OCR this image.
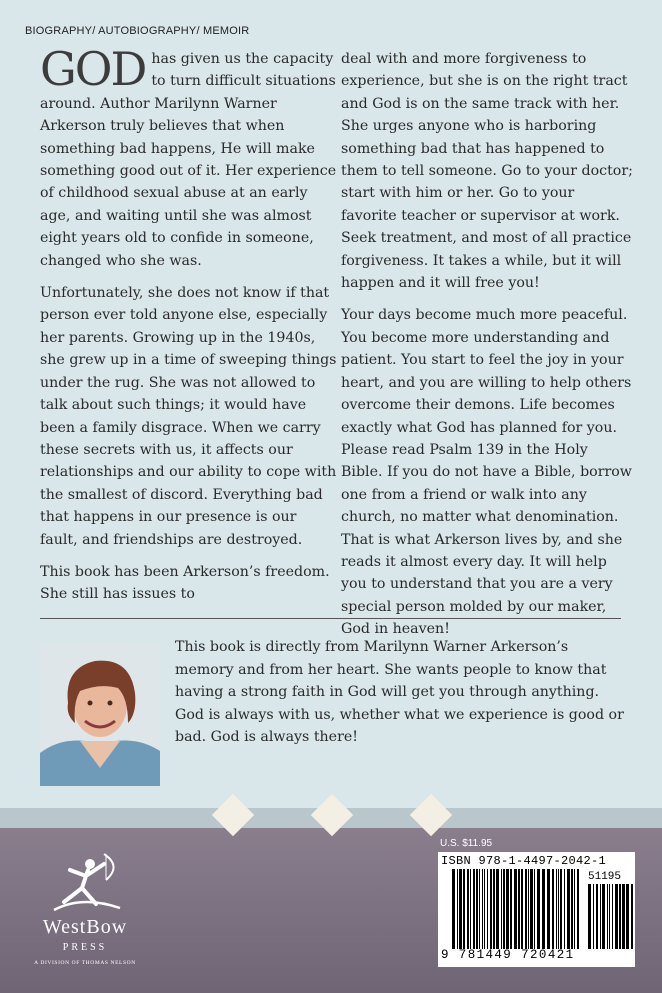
BIOGRAPHY/ AUTOBIOGRAPHY/ MEMOIR

GOD has given us the capacity to turn difficult situations around. Author Marilynn Warner Arkerson truly believes that when something bad happens, He will make something good out of it. Her experience of childhood sexual abuse at an early age, and waiting until she was almost eight years old to confide in someone, changed who she was.

Unfortunately, she does not know if that person ever told anyone else, especially her parents. Growing up in the 1940s, she grew up in a time of sweeping things under the rug. She was not allowed to talk about such things; it would have been a family disgrace. When we carry these secrets with us, it affects our relationships and our ability to cope with the smallest of discord. Everything bad that happens in our presence is our fault, and friendships are destroyed.

This book has been Arkerson’s freedom. She still has issues to

deal with and more forgiveness to experience, but she is on the right tract and God is on the same track with her. She urges anyone who is harboring something bad that has happened to them to tell someone. Go to your doctor; start with him or her. Go to your favorite teacher or supervisor at work. Seek treatment, and most of all practice forgiveness. It takes a while, but it will happen and it will free you!

Your days become much more peaceful. You become more understanding and patient. You start to feel the joy in your heart, and you are willing to help others overcome their demons. Life becomes exactly what God has planned for you. Please read Psalm 139 in the Holy Bible. If you do not have a Bible, borrow one from a friend or walk into any church, no matter what denomination. That is what Arkerson lives by, and she reads it almost every day. It will help you to understand that you are a very special person molded by our maker, God in heaven!

This book is directly from Marilynn Warner Arkerson’s memory and from her heart. She wants people to know that having a strong faith in God will get you through anything. God is always with us, whether what we experience is good or bad. God is always there!
WestBow
PRESS
A DIVISION OF THOMAS NELSON
U.S. $11.95
ISBN 978-1-4497-2042-1
51195
9 781449 720421
